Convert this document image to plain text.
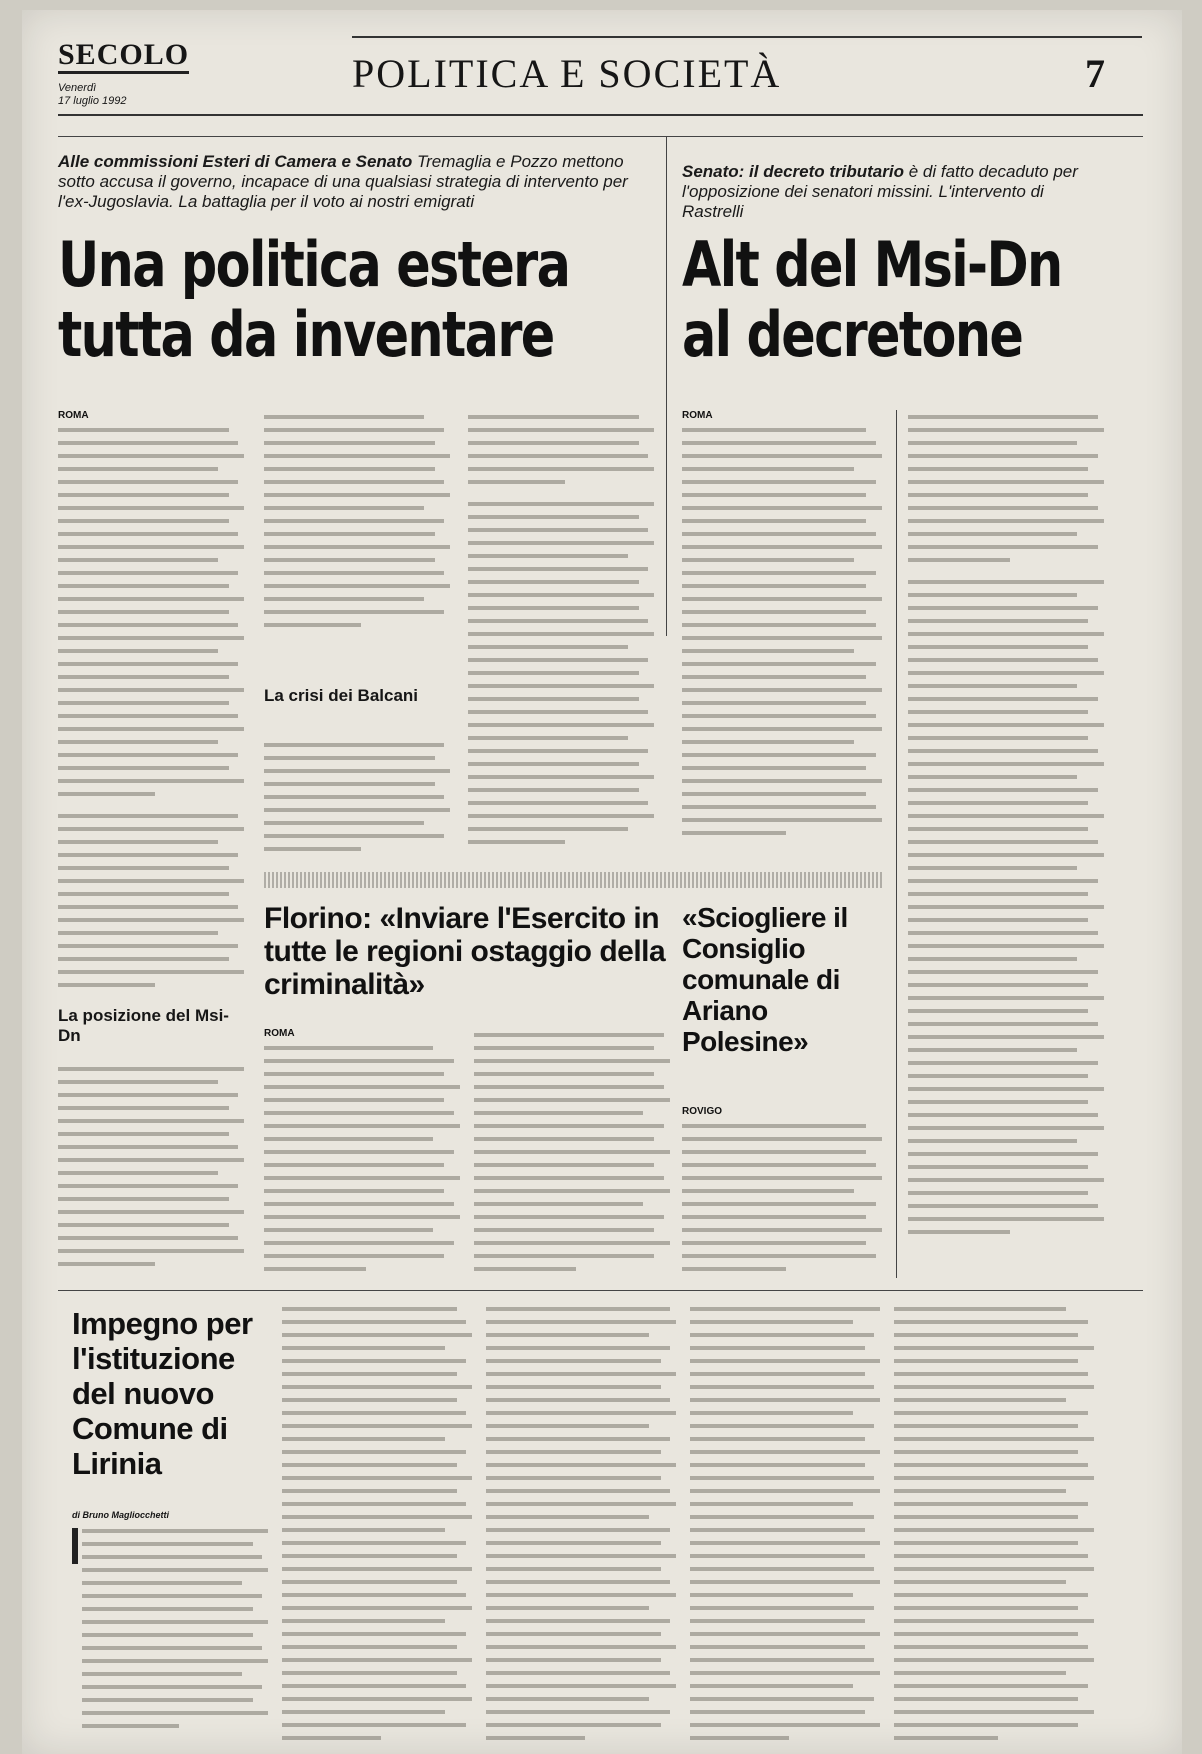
SECOLO
Venerdì
17 luglio 1992
POLITICA E SOCIETÀ	7
Alle commissioni Esteri di Camera e Senato Tremaglia e Pozzo mettono sotto accusa il governo, incapace di una qualsiasi strategia di intervento per l'ex-Jugoslavia. La battaglia per il voto ai nostri emigrati
Una politica estera
tutta da inventare
Senato: il decreto tributario è di fatto decaduto per l'opposizione dei senatori missini. L'intervento di Rastrelli
Alt del Msi-Dn
al decretone
ROMA
La posizione del Msi-Dn
La crisi dei Balcani
ROMA
Florino: «Inviare l'Esercito in tutte le regioni ostaggio della criminalità»
ROMA
«Sciogliere il Consiglio comunale di Ariano Polesine»
ROVIGO
Impegno per l'istituzione del nuovo Comune di Lirinia
di Bruno Magliocchetti
